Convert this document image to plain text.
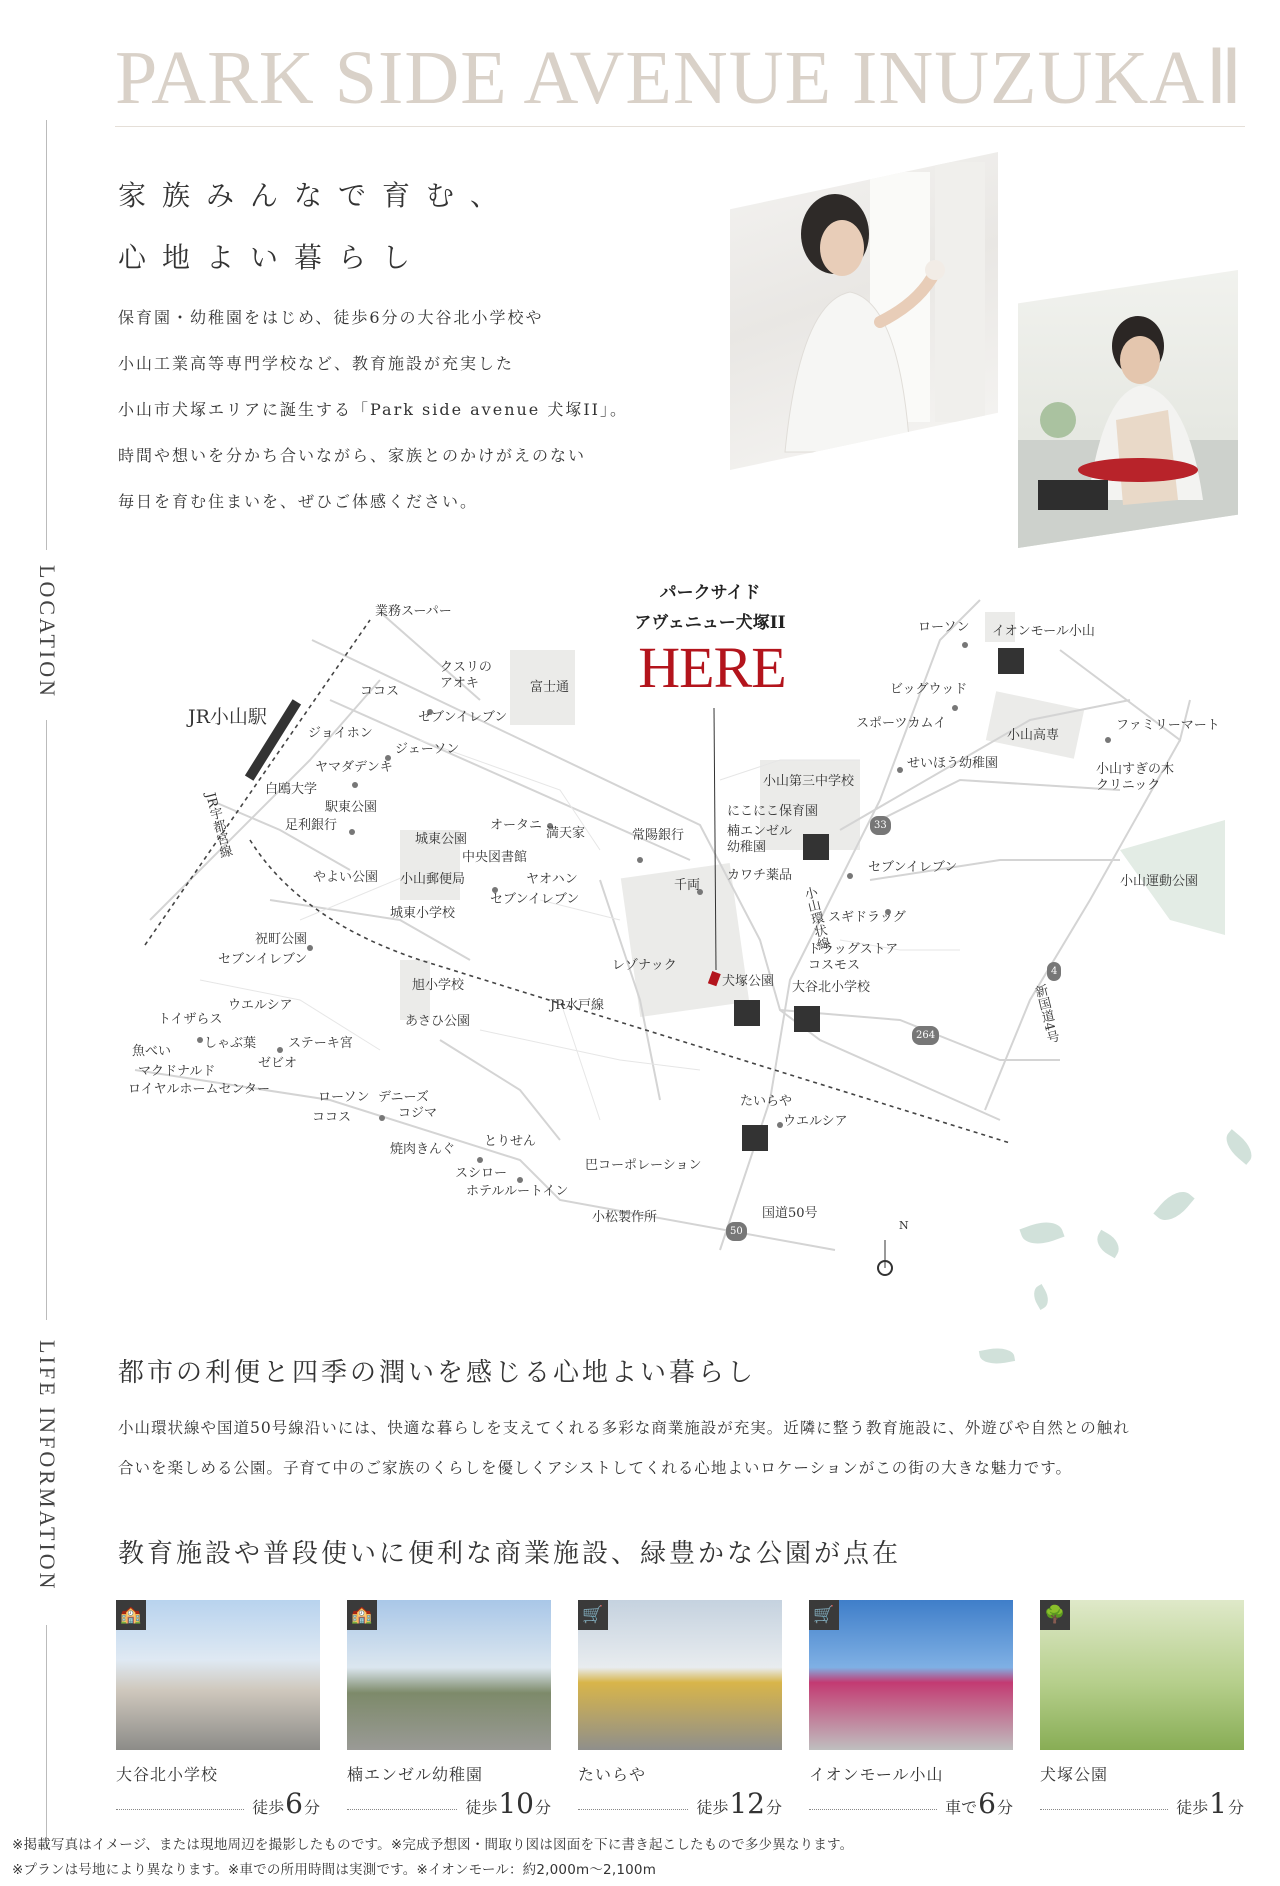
PARK SIDE AVENUE INUZUKAⅡ
LOCATION
LIFE INFORMATION
家族みんなで育む、
心地よい暮らし
保育園・幼稚園をはじめ、徒歩6分の大谷北小学校や
小山工業高等専門学校など、教育施設が充実した
小山市犬塚エリアに誕生する「Park side avenue 犬塚II」。
時間や想いを分かち合いながら、家族とのかけがえのない
毎日を育む住まいを、ぜひご体感ください。
業務スーパー
クスリの
アオキ
ココス
セブンイレブン
富士通
JR小山駅
ジョイホン
ジェーソン
ヤマダデンキ
白鴎大学
駅東公園
足利銀行
城東公園
オータニ
満天家
中央図書館
やよい公園 小山郵便局	ヤオハン
セブンイレブン
城東小学校
祝町公園
セブンイレブン
旭小学校
ウエルシア
あさひ公園
トイザらス
しゃぶ葉 ステーキ宮
魚べい
ゼビオ
マクドナルド
ロイヤルホームセンター
ローソン デニーズ
ココス	コジマ
とりせん
焼肉きんぐ
スシロー
ホテルルートイン
巴コーポレーション
小松製作所	国道50号
常陽銀行
千両
レゾナック
JR水戸線
犬塚公園 大谷北小学校
たいらや
ウエルシア
小山第三中学校
にこにこ保育園
楠エンゼル
幼稚園
カワチ薬品
セブンイレブン
スギドラッグ
ドラッグストア
コスモス
ローソン イオンモール小山
ビッグウッド
スポーツカムイ
小山高専
ファミリーマート
せいほう幼稚園	小山すぎの木
クリニック
小山運動公園
JR宇都宮線
小山環状線
新国道4号
33
264
4
50	N
パークサイド
アヴェニュー犬塚II
HERE
都市の利便と四季の潤いを感じる心地よい暮らし
小山環状線や国道50号線沿いには、快適な暮らしを支えてくれる多彩な商業施設が充実。近隣に整う教育施設に、外遊びや自然との触れ
合いを楽しめる公園。子育て中のご家族のくらしを優しくアシストしてくれる心地よいロケーションがこの街の大きな魅力です。
教育施設や普段使いに便利な商業施設、緑豊かな公園が点在
🏫
大谷北小学校
徒歩 6 分
🏫
楠エンゼル幼稚園
徒歩 10 分
🛒
たいらや
徒歩 12 分
🛒
イオンモール小山
車で 6 分
🌳
犬塚公園
徒歩 1 分
※掲載写真はイメージ、または現地周辺を撮影したものです。※完成予想図・間取り図は図面を下に書き起こしたもので多少異なります。
※プランは号地により異なります。※車での所用時間は実測です。※イオンモール：約2,000m〜2,100m
